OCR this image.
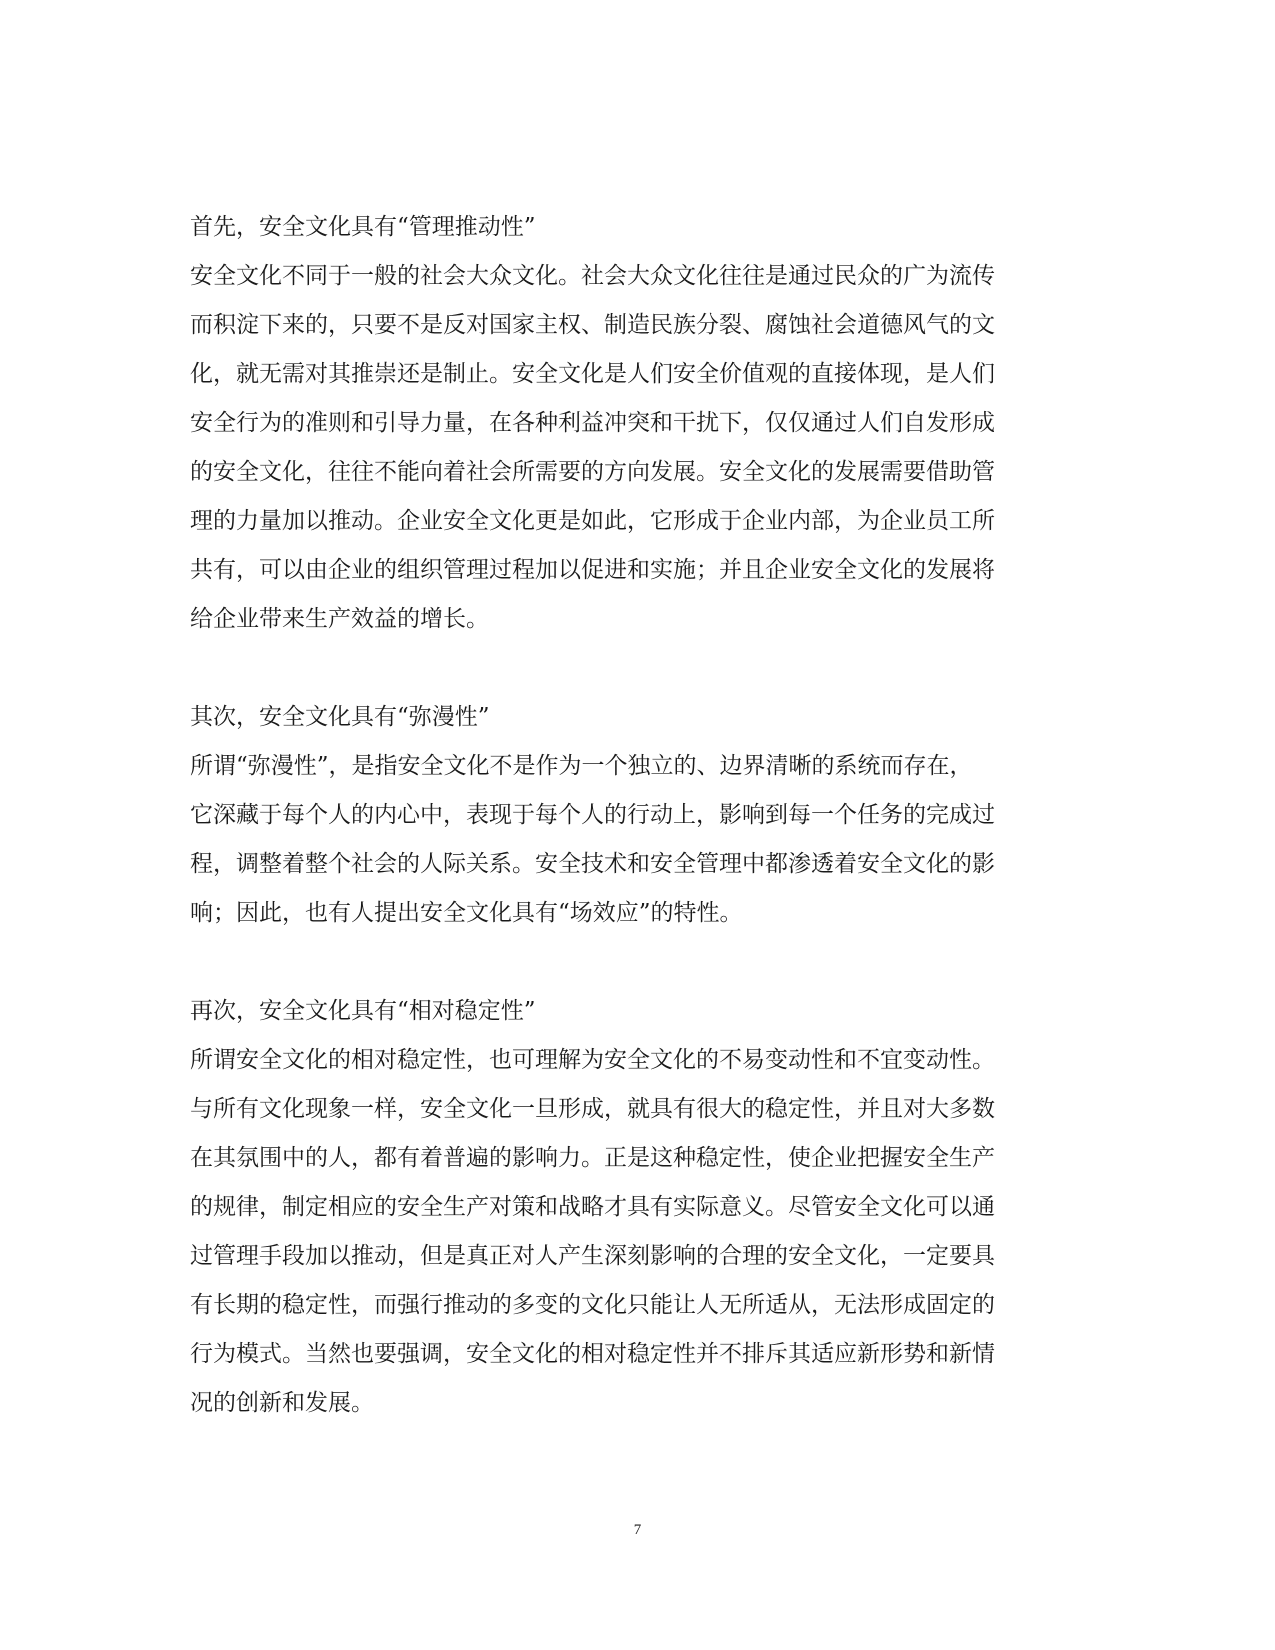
首先，安全文化具有“管理推动性”

安全文化不同于一般的社会大众文化。社会大众文化往往是通过民众的广为流传
而积淀下来的，只要不是反对国家主权、制造民族分裂、腐蚀社会道德风气的文
化，就无需对其推崇还是制止。安全文化是人们安全价值观的直接体现，是人们
安全行为的准则和引导力量，在各种利益冲突和干扰下，仅仅通过人们自发形成
的安全文化，往往不能向着社会所需要的方向发展。安全文化的发展需要借助管
理的力量加以推动。企业安全文化更是如此，它形成于企业内部，为企业员工所
共有，可以由企业的组织管理过程加以促进和实施；并且企业安全文化的发展将
给企业带来生产效益的增长。

其次，安全文化具有“弥漫性”

所谓“弥漫性”，是指安全文化不是作为一个独立的、边界清晰的系统而存在，
它深藏于每个人的内心中，表现于每个人的行动上，影响到每一个任务的完成过
程，调整着整个社会的人际关系。安全技术和安全管理中都渗透着安全文化的影
响；因此，也有人提出安全文化具有“场效应”的特性。

再次，安全文化具有“相对稳定性”

所谓安全文化的相对稳定性，也可理解为安全文化的不易变动性和不宜变动性。
与所有文化现象一样，安全文化一旦形成，就具有很大的稳定性，并且对大多数
在其氛围中的人，都有着普遍的影响力。正是这种稳定性，使企业把握安全生产
的规律，制定相应的安全生产对策和战略才具有实际意义。尽管安全文化可以通
过管理手段加以推动，但是真正对人产生深刻影响的合理的安全文化，一定要具
有长期的稳定性，而强行推动的多变的文化只能让人无所适从，无法形成固定的
行为模式。当然也要强调，安全文化的相对稳定性并不排斥其适应新形势和新情
况的创新和发展。

7
